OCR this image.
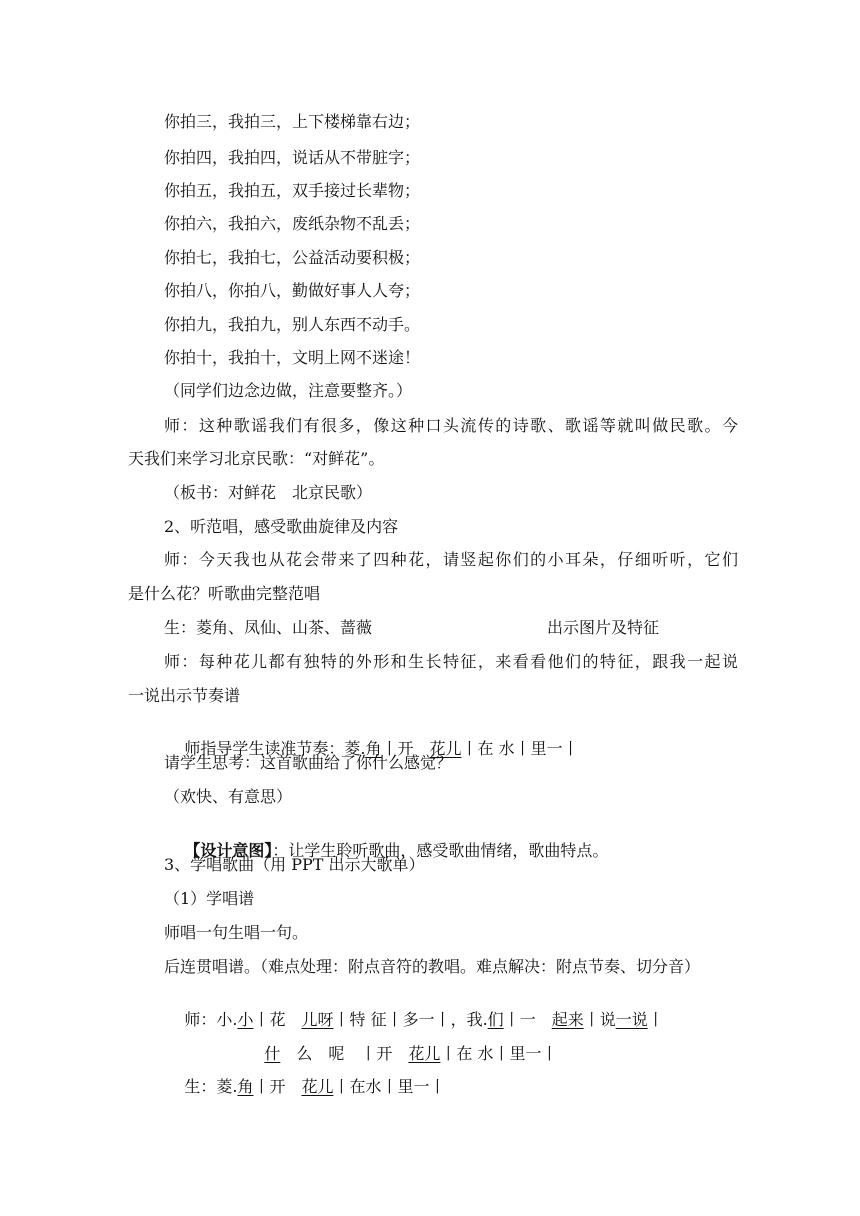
你拍三，我拍三，上下楼梯靠右边；
你拍四，我拍四，说话从不带脏字；
你拍五，我拍五，双手接过长辈物；
你拍六，我拍六，废纸杂物不乱丢；
你拍七，我拍七，公益活动要积极；
你拍八，你拍八，勤做好事人人夸；
你拍九，我拍九，别人东西不动手。
你拍十，我拍十，文明上网不迷途！
（同学们边念边做，注意要整齐。）
师：这种歌谣我们有很多，像这种口头流传的诗歌、歌谣等就叫做民歌。今
天我们来学习北京民歌：“对鲜花”。
（板书：对鲜花　北京民歌）
2、听范唱，感受歌曲旋律及内容
师：今天我也从花会带来了四种花，请竖起你们的小耳朵，仔细听听，它们
是什么花？听歌曲完整范唱
生：菱角、凤仙、山茶、蔷薇	出示图片及特征
师：每种花儿都有独特的外形和生长特征，来看看他们的特征，跟我一起说
一说出示节奏谱

师指导学生读准节奏：菱.角丨开　花儿丨在 水丨里一丨

请学生思考：这首歌曲给了你什么感觉？
（欢快、有意思）

【设计意图】：让学生聆听歌曲，感受歌曲情绪，歌曲特点。

3、学唱歌曲（用 PPT 出示大歌单）
（1）学唱谱
师唱一句生唱一句。
后连贯唱谱。（难点处理：附点音符的教唱。难点解决：附点节奏、切分音）

师：小.小丨花　儿呀丨特 征丨多一丨，我.们丨一　起来丨说一说丨

什　么　呢　丨开　花儿丨在 水丨里一丨

生：菱.角丨开　花儿丨在水丨里一丨
